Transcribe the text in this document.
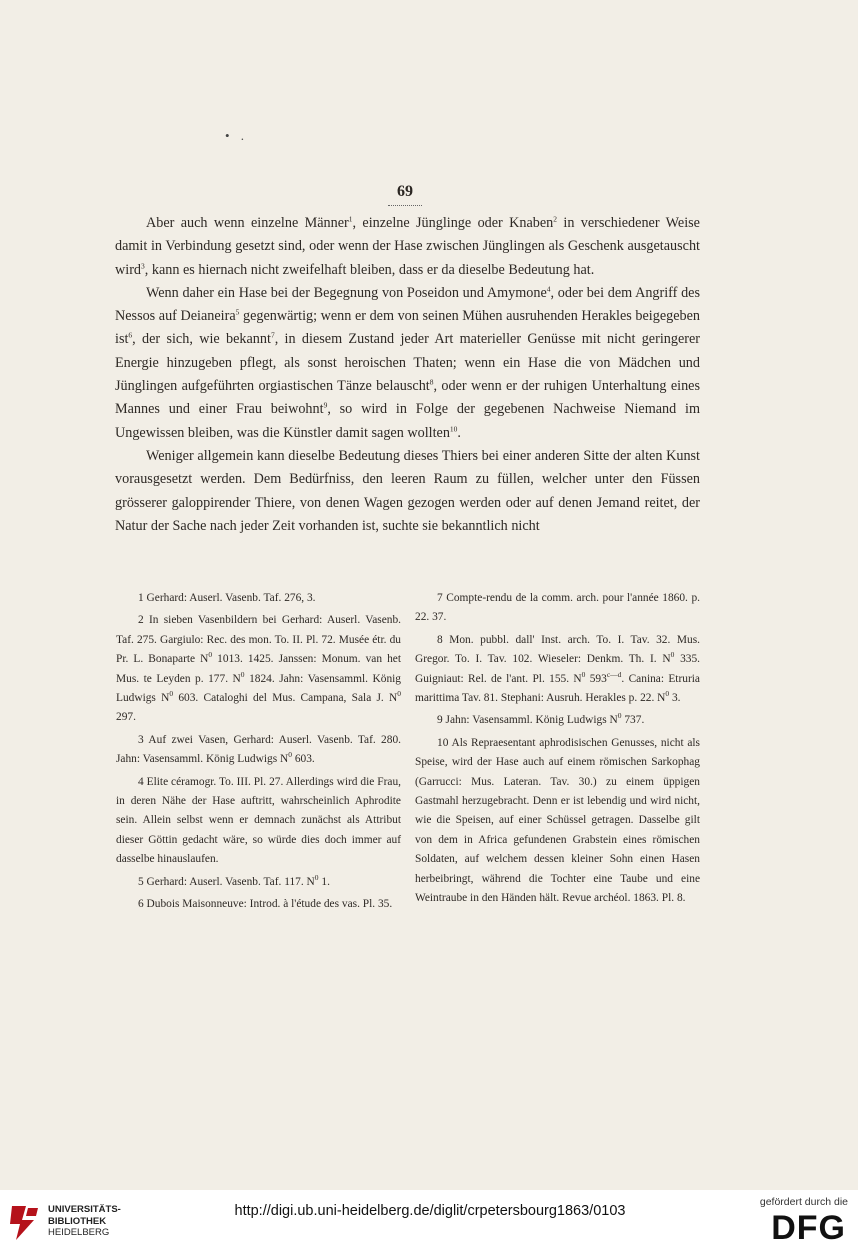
• .
69

Aber auch wenn einzelne Männer$^1$, einzelne Jünglinge oder Knaben$^2$ in verschiedener Weise damit in Verbindung gesetzt sind, oder wenn der Hase zwischen Jünglingen als Geschenk ausgetauscht wird$^3$, kann es hiernach nicht zweifelhaft bleiben, dass er da dieselbe Bedeutung hat.

Wenn daher ein Hase bei der Begegnung von Poseidon und Amymone$^4$, oder bei dem Angriff des Nessos auf Deianeira$^5$ gegenwärtig; wenn er dem von seinen Mühen ausruhenden Herakles beigegeben ist$^6$, der sich, wie bekannt$^7$, in diesem Zustand jeder Art materieller Genüsse mit nicht geringerer Energie hinzugeben pflegt, als sonst heroischen Thaten; wenn ein Hase die von Mädchen und Jünglingen aufgeführten orgiastischen Tänze belauscht$^8$, oder wenn er der ruhigen Unterhaltung eines Mannes und einer Frau beiwohnt$^9$, so wird in Folge der gegebenen Nachweise Niemand im Ungewissen bleiben, was die Künstler damit sagen wollten$^{10}$.

Weniger allgemein kann dieselbe Bedeutung dieses Thiers bei einer anderen Sitte der alten Kunst vorausgesetzt werden. Dem Bedürfniss, den leeren Raum zu füllen, welcher unter den Füssen grösserer galoppirender Thiere, von denen Wagen gezogen werden oder auf denen Jemand reitet, der Natur der Sache nach jeder Zeit vorhanden ist, suchte sie bekanntlich nicht

1 Gerhard: Auserl. Vasenb. Taf. 276, 3.

2 In sieben Vasenbildern bei Gerhard: Auserl. Vasenb. Taf. 275. Gargiulo: Rec. des mon. To. II. Pl. 72. Musée étr. du Pr. L. Bonaparte $N^0$ 1013. 1425. Janssen: Monum. van het Mus. te Leyden p. 177. $N^0$ 1824. Jahn: Vasensamml. König Ludwigs $N^0$ 603. Cataloghi del Mus. Campana, Sala J. $N^0$ 297.

3 Auf zwei Vasen, Gerhard: Auserl. Vasenb. Taf. 280. Jahn: Vasensamml. König Ludwigs $N^0$ 603.

4 Elite céramogr. To. III. Pl. 27. Allerdings wird die Frau, in deren Nähe der Hase auftritt, wahrscheinlich Aphrodite sein. Allein selbst wenn er demnach zunächst als Attribut dieser Göttin gedacht wäre, so würde dies doch immer auf dasselbe hinauslaufen.

5 Gerhard: Auserl. Vasenb. Taf. 117. $N^0$ 1.

6 Dubois Maisonneuve: Introd. à l'étude des vas. Pl. 35.

7 Compte-rendu de la comm. arch. pour l'année 1860. p. 22. 37.

8 Mon. pubbl. dall' Inst. arch. To. I. Tav. 32. Mus. Gregor. To. I. Tav. 102. Wieseler: Denkm. Th. I. $N^0$ 335. Guigniaut: Rel. de l'ant. Pl. 155. $N^0$ $593^{c—d}$. Canina: Etruria marittima Tav. 81. Stephani: Ausruh. Herakles p. 22. $N^0$ 3.

9 Jahn: Vasensamml. König Ludwigs $N^0$ 737.

10 Als Repraesentant aphrodisischen Genusses, nicht als Speise, wird der Hase auch auf einem römischen Sarkophag (Garrucci: Mus. Lateran. Tav. 30.) zu einem üppigen Gastmahl herzugebracht. Denn er ist lebendig und wird nicht, wie die Speisen, auf einer Schüssel getragen. Dasselbe gilt von dem in Africa gefundenen Grabstein eines römischen Soldaten, auf welchem dessen kleiner Sohn einen Hasen herbeibringt, während die Tochter eine Taube und eine Weintraube in den Händen hält. Revue archéol. 1863. Pl. 8.

UNIVERSITÄTS-
BIBLIOTHEK
HEIDELBERG
http://digi.ub.uni-heidelberg.de/diglit/crpetersbourg1863/0103
gefördert durch die
DFG
